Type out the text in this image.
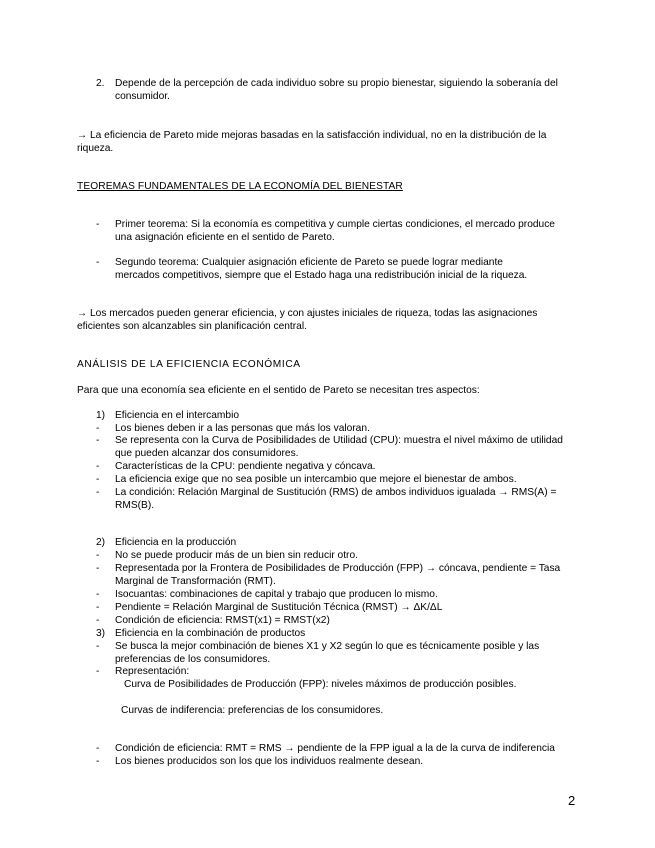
2. Depende de la percepción de cada individuo sobre su propio bienestar, siguiendo la soberanía del consumidor.
→ La eficiencia de Pareto mide mejoras basadas en la satisfacción individual, no en la distribución de la riqueza.
TEOREMAS FUNDAMENTALES DE LA ECONOMÍA DEL BIENESTAR
- Primer teorema: Si la economía es competitiva y cumple ciertas condiciones, el mercado produce una asignación eficiente en el sentido de Pareto.
- Segundo teorema: Cualquier asignación eficiente de Pareto se puede lograr mediante mercados competitivos, siempre que el Estado haga una redistribución inicial de la riqueza.
→ Los mercados pueden generar eficiencia, y con ajustes iniciales de riqueza, todas las asignaciones eficientes son alcanzables sin planificación central.
ANÁLISIS DE LA EFICIENCIA ECONÓMICA
Para que una economía sea eficiente en el sentido de Pareto se necesitan tres aspectos:
1) Eficiencia en el intercambio
- Los bienes deben ir a las personas que más los valoran.
- Se representa con la Curva de Posibilidades de Utilidad (CPU): muestra el nivel máximo de utilidad que pueden alcanzar dos consumidores.
- Características de la CPU: pendiente negativa y cóncava.
- La eficiencia exige que no sea posible un intercambio que mejore el bienestar de ambos.
- La condición: Relación Marginal de Sustitución (RMS) de ambos individuos igualada → RMS(A) = RMS(B).
2) Eficiencia en la producción
- No se puede producir más de un bien sin reducir otro.
- Representada por la Frontera de Posibilidades de Producción (FPP) → cóncava, pendiente = Tasa Marginal de Transformación (RMT).
- Isocuantas: combinaciones de capital y trabajo que producen lo mismo.
- Pendiente = Relación Marginal de Sustitución Técnica (RMST) → ΔK/ΔL
- Condición de eficiencia: RMST(x1) = RMST(x2)
3) Eficiencia en la combinación de productos
- Se busca la mejor combinación de bienes X1 y X2 según lo que es técnicamente posible y las preferencias de los consumidores.
- Representación:
Curva de Posibilidades de Producción (FPP): niveles máximos de producción posibles.
Curvas de indiferencia: preferencias de los consumidores.
- Condición de eficiencia: RMT = RMS → pendiente de la FPP igual a la de la curva de indiferencia
- Los bienes producidos son los que los individuos realmente desean.
2
